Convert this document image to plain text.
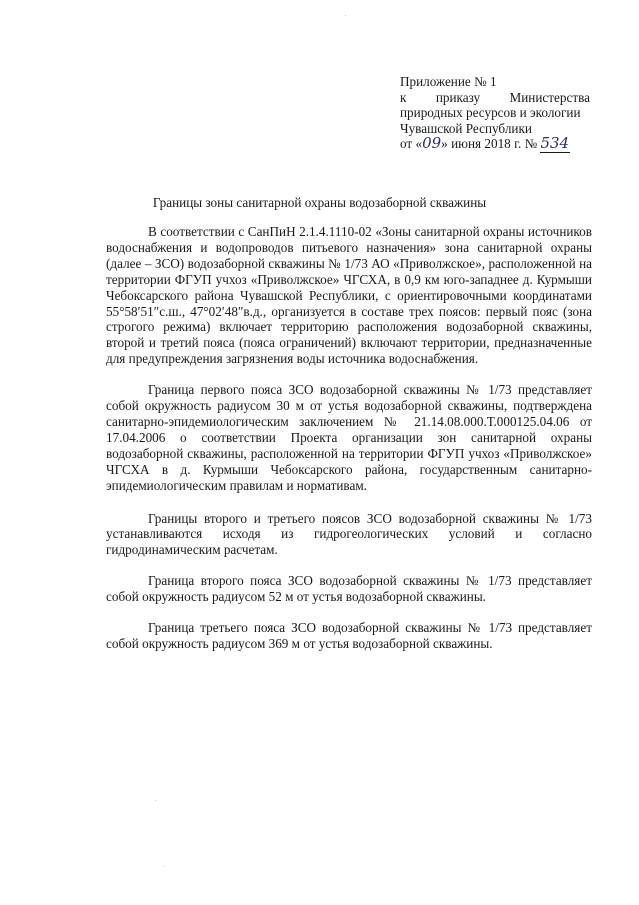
Приложение № 1
к приказу Министерства
природных ресурсов и экологии
Чувашской Республики
от «09» июня 2018 г. № 534
Границы зоны санитарной охраны водозаборной скважины

В соответствии с СанПиН 2.1.4.1110-02 «Зоны санитарной охраны источников водоснабжения и водопроводов питьевого назначения» зона санитарной охраны (далее – ЗСО) водозаборной скважины № 1/73 АО «Приволжское», расположенной на территории ФГУП учхоз «Приволжское» ЧГСХА, в 0,9 км юго-западнее д. Курмыши Чебоксарского района Чувашской Республики, с ориентировочными координатами 55°58′51″с.ш., 47°02′48″в.д., организуется в составе трех поясов: первый пояс (зона строгого режима) включает территорию расположения водозаборной скважины, второй и третий пояса (пояса ограничений) включают территории, предназначенные для предупреждения загрязнения воды источника водоснабжения.

Граница первого пояса ЗСО водозаборной скважины № 1/73 представляет собой окружность радиусом 30 м от устья водозаборной скважины, подтверждена санитарно-эпидемиологическим заключением № 21.14.08.000.Т.000125.04.06 от 17.04.2006 о соответствии Проекта организации зон санитарной охраны водозаборной скважины, расположенной на территории ФГУП учхоз «Приволжское» ЧГСХА в д. Курмыши Чебоксарского района, государственным санитарно-эпидемиологическим правилам и нормативам.

Границы второго и третьего поясов ЗСО водозаборной скважины № 1/73 устанавливаются исходя из гидрогеологических условий и согласно гидродинамическим расчетам.

Граница второго пояса ЗСО водозаборной скважины № 1/73 представляет собой окружность радиусом 52 м от устья водозаборной скважины.

Граница третьего пояса ЗСО водозаборной скважины № 1/73 представляет собой окружность радиусом 369 м от устья водозаборной скважины.
